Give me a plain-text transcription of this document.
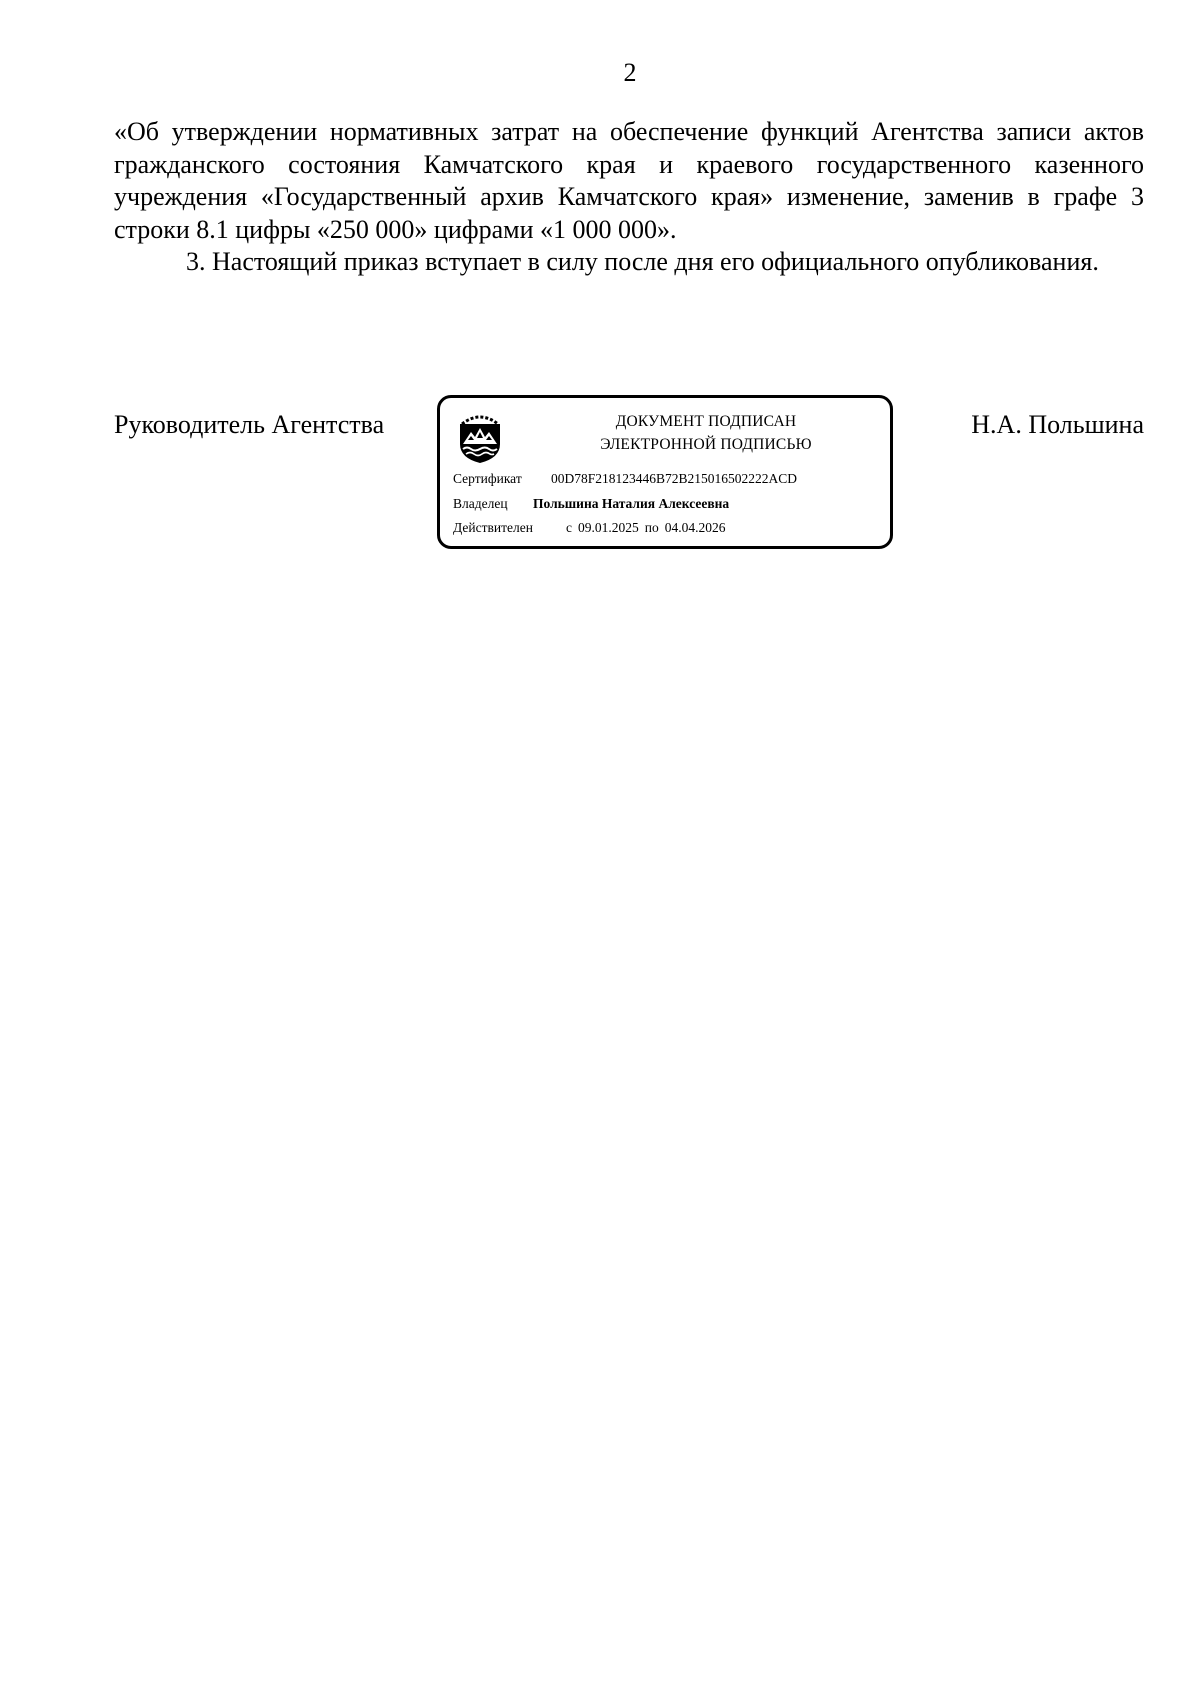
2

«Об утверждении нормативных затрат на обеспечение функций Агентства записи актов гражданского состояния Камчатского края и краевого государственного казенного учреждения «Государственный архив Камчатского края» изменение, заменив в графе 3 строки 8.1 цифры «250 000» цифрами «1 000 000».

3. Настоящий приказ вступает в силу после дня его официального опубликования.

Руководитель Агентства	ДОКУМЕНТ ПОДПИСАН
ЭЛЕКТРОННОЙ ПОДПИСЬЮ
Сертификат 00D78F218123446B72B215016502222ACD
Владелец Польшина Наталия Алексеевна
Действителен с 09.01.2025 по 04.04.2026
Н.А. Польшина
